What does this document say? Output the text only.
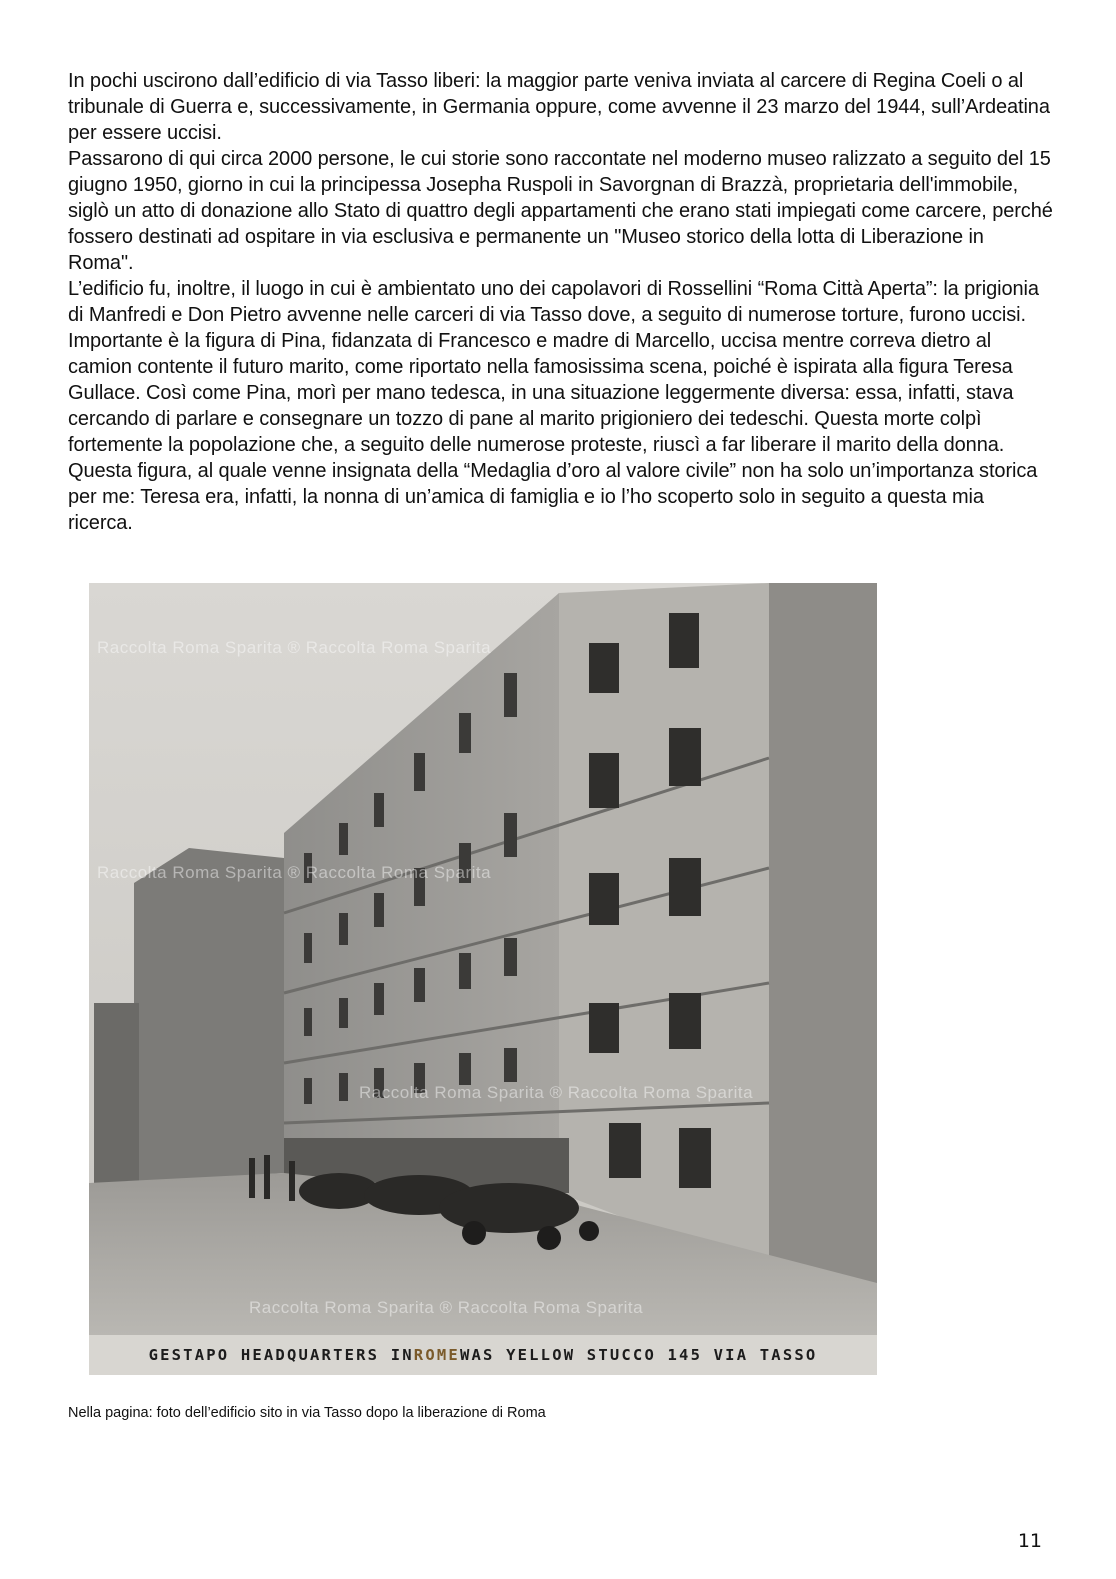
In pochi uscirono dall’edificio di via Tasso liberi: la maggior parte veniva inviata al carcere di Regina Coeli o al tribunale di Guerra e, successivamente, in Germania oppure, come avvenne il 23 marzo del 1944, sull’Ardeatina per essere uccisi.

Passarono di qui circa 2000 persone, le cui storie sono raccontate nel moderno museo ralizzato a seguito del 15 giugno 1950, giorno in cui la principessa Josepha Ruspoli in Savorgnan di Brazzà, proprietaria dell'immobile, siglò un atto di donazione allo Stato di quattro degli appartamenti che erano stati impiegati come carcere, perché fossero destinati ad ospitare in via esclusiva e permanente un "Museo storico della lotta di Liberazione in Roma".

L’edificio fu, inoltre, il luogo in cui è ambientato uno dei capolavori di Rossellini “Roma Città Aperta”: la prigionia di Manfredi e Don Pietro avvenne nelle carceri di via Tasso dove, a seguito di numerose torture, furono uccisi. Importante è la figura di Pina, fidanzata di Francesco e madre di Marcello, uccisa mentre correva dietro al camion contente il futuro marito, come riportato nella famosissima scena, poiché è ispirata alla figura Teresa Gullace. Così come Pina, morì per mano tedesca, in una situazione leggermente diversa: essa, infatti, stava cercando di parlare e consegnare un tozzo di pane al marito prigioniero dei tedeschi. Questa morte colpì fortemente la popolazione che, a seguito delle numerose proteste, riuscì a far liberare il marito della donna.

Questa figura, al quale venne insignata della “Medaglia d’oro al valore civile” non ha solo un’importanza storica per me: Teresa era, infatti, la nonna di un’amica di famiglia e io l’ho scoperto solo in seguito a questa mia ricerca.

Raccolta Roma Sparita ® Raccolta Roma Sparita
Raccolta Roma Sparita ® Raccolta Roma Sparita
Raccolta Roma Sparita ® Raccolta Roma Sparita
Raccolta Roma Sparita ® Raccolta Roma Sparita
GESTAPO HEADQUARTERS IN ROME WAS YELLOW STUCCO 145 VIA TASSO
Nella pagina: foto dell’edificio sito in via Tasso dopo la liberazione di Roma
11
